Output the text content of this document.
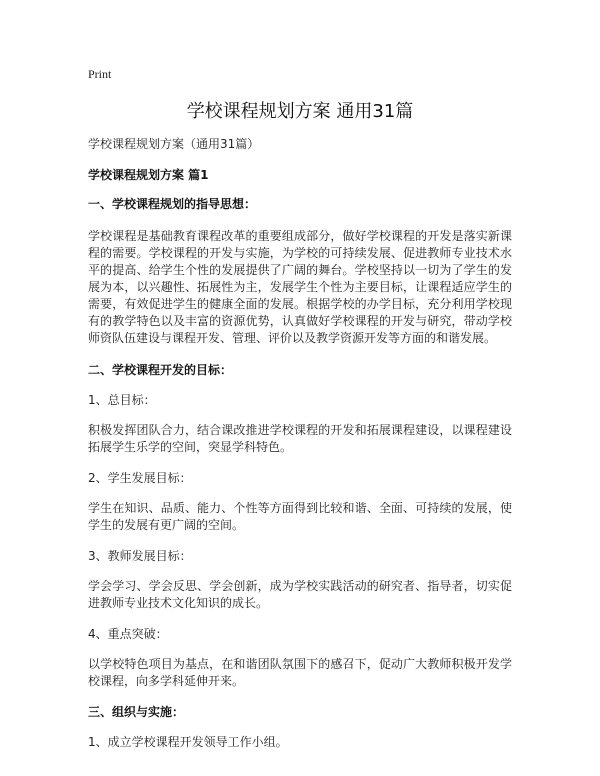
Print
学校课程规划方案 通用31篇
学校课程规划方案（通用31篇）
学校课程规划方案 篇1
一、学校课程规划的指导思想：
学校课程是基础教育课程改革的重要组成部分，做好学校课程的开发是落实新课程的需要。学校课程的开发与实施，为学校的可持续发展、促进教师专业技术水平的提高、给学生个性的发展提供了广阔的舞台。学校坚持以一切为了学生的发展为本，以兴趣性、拓展性为主，发展学生个性为主要目标，让课程适应学生的需要，有效促进学生的健康全面的发展。根据学校的办学目标，充分利用学校现有的教学特色以及丰富的资源优势，认真做好学校课程的开发与研究，带动学校师资队伍建设与课程开发、管理、评价以及教学资源开发等方面的和谐发展。
二、学校课程开发的目标：
1、总目标：
积极发挥团队合力，结合课改推进学校课程的开发和拓展课程建设，以课程建设拓展学生乐学的空间，突显学科特色。
2、学生发展目标：
学生在知识、品质、能力、个性等方面得到比较和谐、全面、可持续的发展，使学生的发展有更广阔的空间。
3、教师发展目标：
学会学习、学会反思、学会创新，成为学校实践活动的研究者、指导者，切实促进教师专业技术文化知识的成长。
4、重点突破：
以学校特色项目为基点，在和谐团队氛围下的感召下，促动广大教师积极开发学校课程，向多学科延伸开来。
三、组织与实施：
1、成立学校课程开发领导工作小组。
